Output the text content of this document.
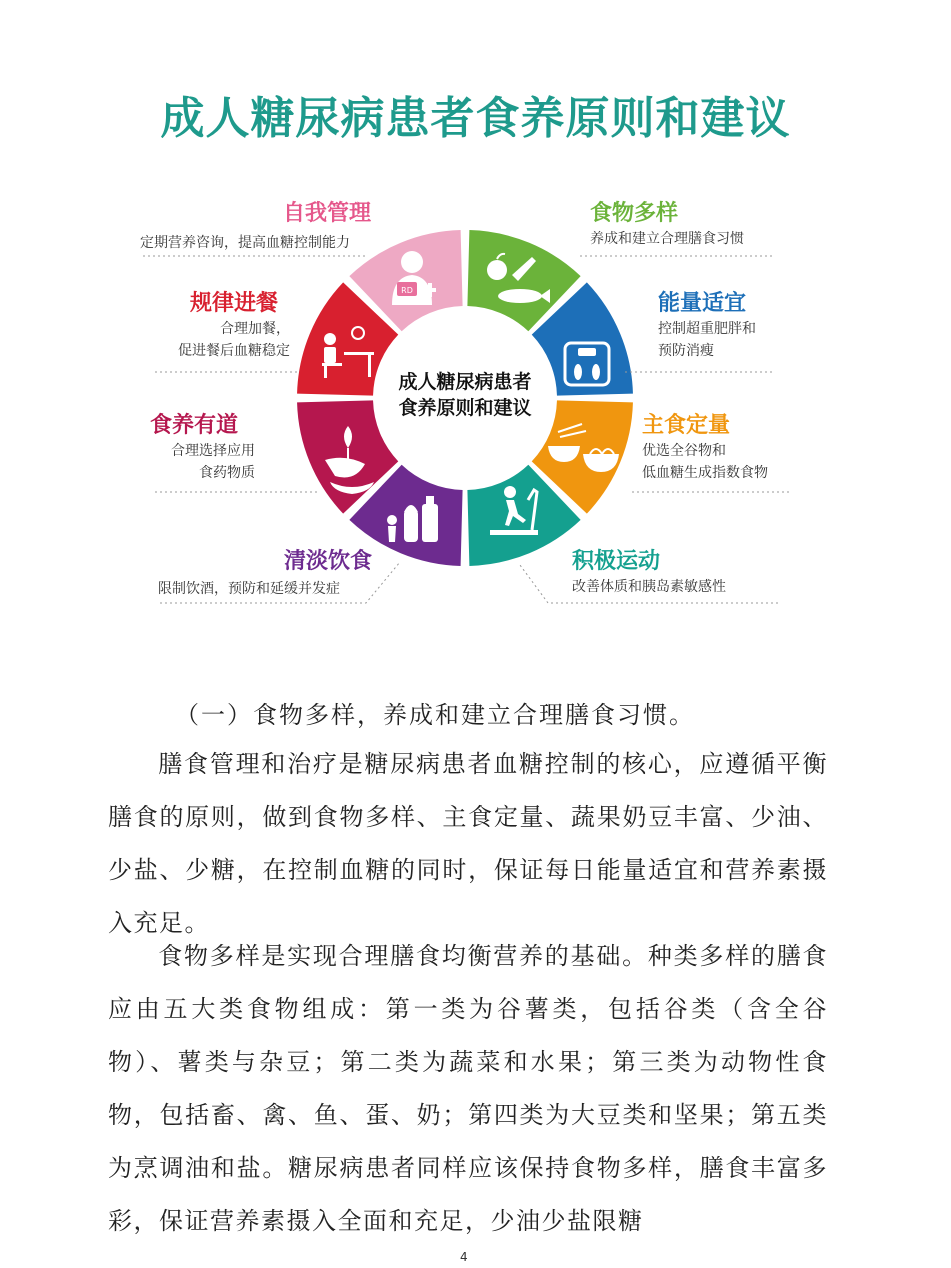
成人糖尿病患者食养原则和建议
RD
成人糖尿病患者
食养原则和建议
自我管理
定期营养咨询，提高血糖控制能力
食物多样
养成和建立合理膳食习惯
规律进餐
合理加餐，
促进餐后血糖稳定
能量适宜
控制超重肥胖和
预防消瘦
食养有道
合理选择应用
食药物质
主食定量
优选全谷物和
低血糖生成指数食物
清淡饮食
限制饮酒，预防和延缓并发症
积极运动
改善体质和胰岛素敏感性
（一）食物多样，养成和建立合理膳食习惯。
膳食管理和治疗是糖尿病患者血糖控制的核心，应遵循平衡膳食的原则，做到食物多样、主食定量、蔬果奶豆丰富、少油、少盐、少糖，在控制血糖的同时，保证每日能量适宜和营养素摄入充足。
食物多样是实现合理膳食均衡营养的基础。种类多样的膳食应由五大类食物组成：第一类为谷薯类，包括谷类（含全谷物）、薯类与杂豆；第二类为蔬菜和水果；第三类为动物性食物，包括畜、禽、鱼、蛋、奶；第四类为大豆类和坚果；第五类为烹调油和盐。糖尿病患者同样应该保持食物多样，膳食丰富多彩，保证营养素摄入全面和充足，少油少盐限糖
4
